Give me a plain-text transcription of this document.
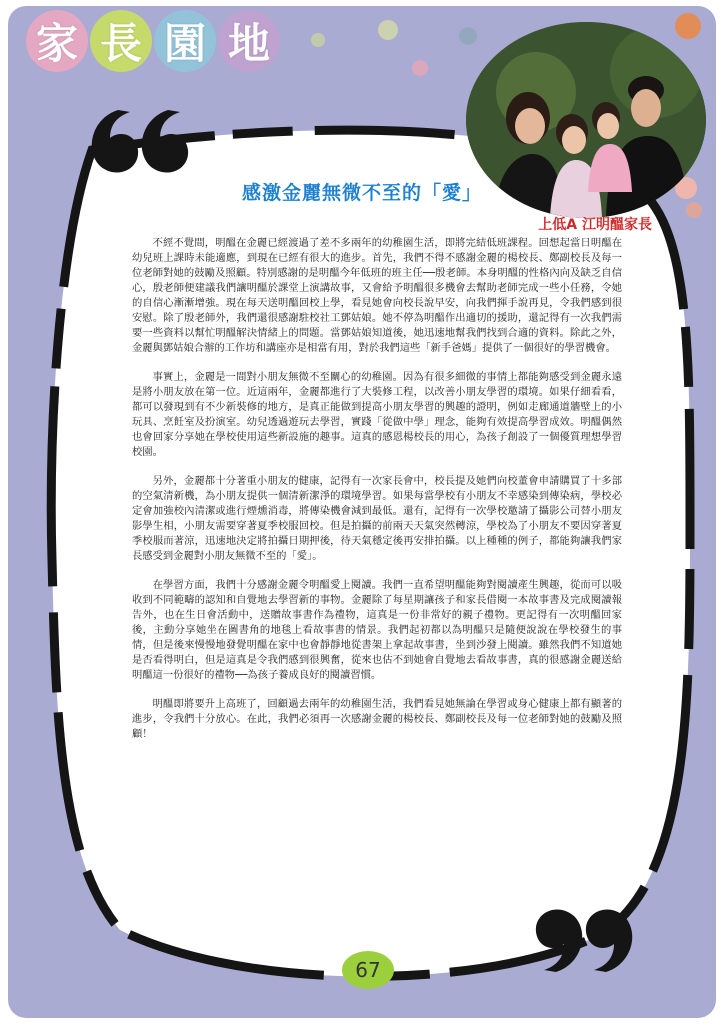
家 長 園 地
感激金麗無微不至的「愛」
上低A 江明醞家長

不經不覺間，明醞在金麗已經渡過了差不多兩年的幼稚園生活，即將完結低班課程。回想起當日明醞在幼兒班上課時未能適應，到現在已經有很大的進步。首先，我們不得不感謝金麗的楊校長、鄭副校長及每一位老師對她的鼓勵及照顧。特別感謝的是明醞今年低班的班主任──殷老師。本身明醞的性格內向及缺乏自信心，殷老師便建議我們讓明醞於課堂上演講故事，又會給予明醞很多機會去幫助老師完成一些小任務，令她的自信心漸漸增強。現在每天送明醞回校上學，看見她會向校長說早安，向我們揮手說再見，令我們感到很安慰。除了殷老師外，我們還很感謝駐校社工鄧姑娘。她不停為明醞作出適切的援助，還記得有一次我們需要一些資料以幫忙明醞解決情緒上的問題。當鄧姑娘知道後，她迅速地幫我們找到合適的資料。除此之外，金麗與鄧姑娘合辦的工作坊和講座亦是相當有用，對於我們這些「新手爸媽」提供了一個很好的學習機會。

事實上，金麗是一間對小朋友無微不至關心的幼稚園。因為有很多細微的事情上都能夠感受到金麗永遠是將小朋友放在第一位。近這兩年，金麗都進行了大裝修工程，以改善小朋友學習的環境。如果仔細看看，都可以發現到有不少新裝修的地方，是真正能做到提高小朋友學習的興趣的證明，例如走廊通道牆壁上的小玩具、烹飪室及扮演室。幼兒透過遊玩去學習，實踐「從做中學」理念，能夠有效提高學習成效。明醞偶然也會回家分享她在學校使用這些新設施的趣事。這真的感恩楊校長的用心，為孩子創設了一個優質理想學習校園。

另外，金麗都十分著重小朋友的健康，記得有一次家長會中，校長提及她們向校董會申請購買了十多部的空氣清新機，為小朋友提供一個清新潔淨的環境學習。如果每當學校有小朋友不幸感染到傳染病，學校必定會加強校內清潔或進行煙燻消毒，將傳染機會減到最低。還有，記得有一次學校邀請了攝影公司替小朋友影學生相，小朋友需要穿著夏季校服回校。但是拍攝的前兩天天氣突然轉涼，學校為了小朋友不要因穿著夏季校服而著涼，迅速地決定將拍攝日期押後，待天氣穩定後再安排拍攝。以上種種的例子，都能夠讓我們家長感受到金麗對小朋友無微不至的「愛」。

在學習方面，我們十分感謝金麗令明醞愛上閱讀。我們一直希望明醞能夠對閱讀產生興趣，從而可以吸收到不同範疇的認知和自覺地去學習新的事物。金麗除了每星期讓孩子和家長借閱一本故事書及完成閱讀報告外，也在生日會活動中，送贈故事書作為禮物，這真是一份非常好的親子禮物。更記得有一次明醞回家後，主動分享她坐在圖書角的地毯上看故事書的情景。我們起初都以為明醞只是隨便說說在學校發生的事情，但是後來慢慢地發覺明醞在家中也會靜靜地從書架上拿起故事書，坐到沙發上閱讀。雖然我們不知道她是否看得明白，但是這真是令我們感到很興奮，從來也估不到她會自覺地去看故事書，真的很感謝金麗送給明醞這一份很好的禮物──為孩子養成良好的閱讀習慣。

明醞即將要升上高班了，回顧過去兩年的幼稚園生活，我們看見她無論在學習或身心健康上都有顯著的進步，令我們十分放心。在此，我們必須再一次感謝金麗的楊校長、鄭副校長及每一位老師對她的鼓勵及照顧！

67
